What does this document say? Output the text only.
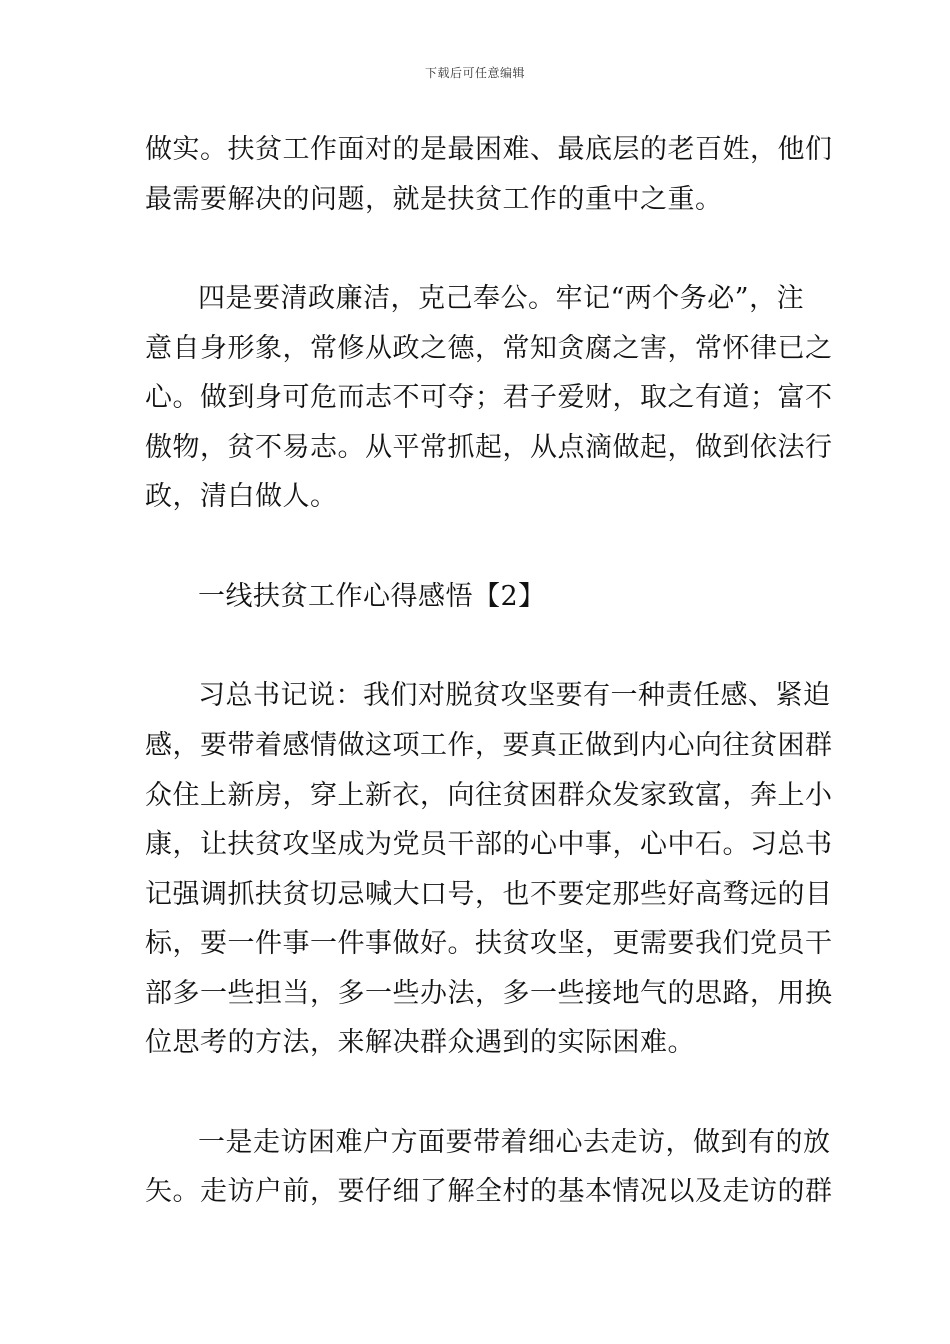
下载后可任意编辑
做实。扶贫工作面对的是最困难、最底层的老百姓，他们
最需要解决的问题，就是扶贫工作的重中之重。
四是要清政廉洁，克己奉公。牢记“两个务必”，注
意自身形象，常修从政之德，常知贪腐之害，常怀律已之
心。做到身可危而志不可夺；君子爱财，取之有道；富不
傲物，贫不易志。从平常抓起，从点滴做起，做到依法行
政，清白做人。
一线扶贫工作心得感悟【2】
习总书记说：我们对脱贫攻坚要有一种责任感、紧迫
感，要带着感情做这项工作，要真正做到内心向往贫困群
众住上新房，穿上新衣，向往贫困群众发家致富，奔上小
康，让扶贫攻坚成为党员干部的心中事，心中石。习总书
记强调抓扶贫切忌喊大口号，也不要定那些好高骛远的目
标，要一件事一件事做好。扶贫攻坚，更需要我们党员干
部多一些担当，多一些办法，多一些接地气的思路，用换
位思考的方法，来解决群众遇到的实际困难。
一是走访困难户方面要带着细心去走访，做到有的放
矢。走访户前，要仔细了解全村的基本情况以及走访的群
